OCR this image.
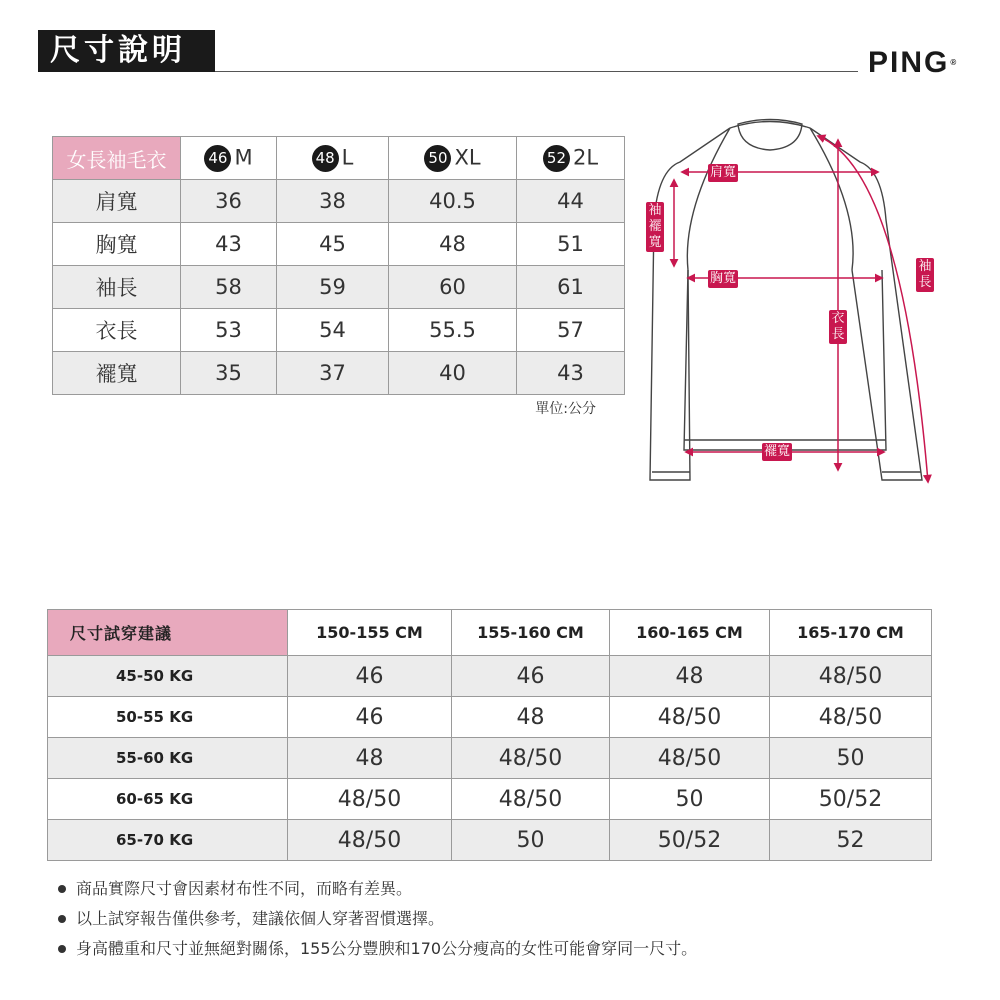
尺寸說明	PING®
女長袖毛衣	46 M	48 L	50 XL	52 2L
肩寬	36	38	40.5	44
胸寬	43	45	48	51
袖長	58	59	60	61
衣長	53	54	55.5	57
襬寬	35	37	40	43
單位:公分
肩寬
胸寬
襬寬
袖襬寬
衣長
袖長
尺寸試穿建議	150-155 CM	155-160 CM	160-165 CM	165-170 CM
45-50 KG	46	46	48	48/50
50-55 KG	46	48	48/50	48/50
55-60 KG	48	48/50	48/50	50
60-65 KG	48/50	48/50	50	50/52
65-70 KG	48/50	50	50/52	52
商品實際尺寸會因素材布性不同，而略有差異。
以上試穿報告僅供參考，建議依個人穿著習慣選擇。
身高體重和尺寸並無絕對關係，155公分豐腴和170公分瘦高的女性可能會穿同一尺寸。
